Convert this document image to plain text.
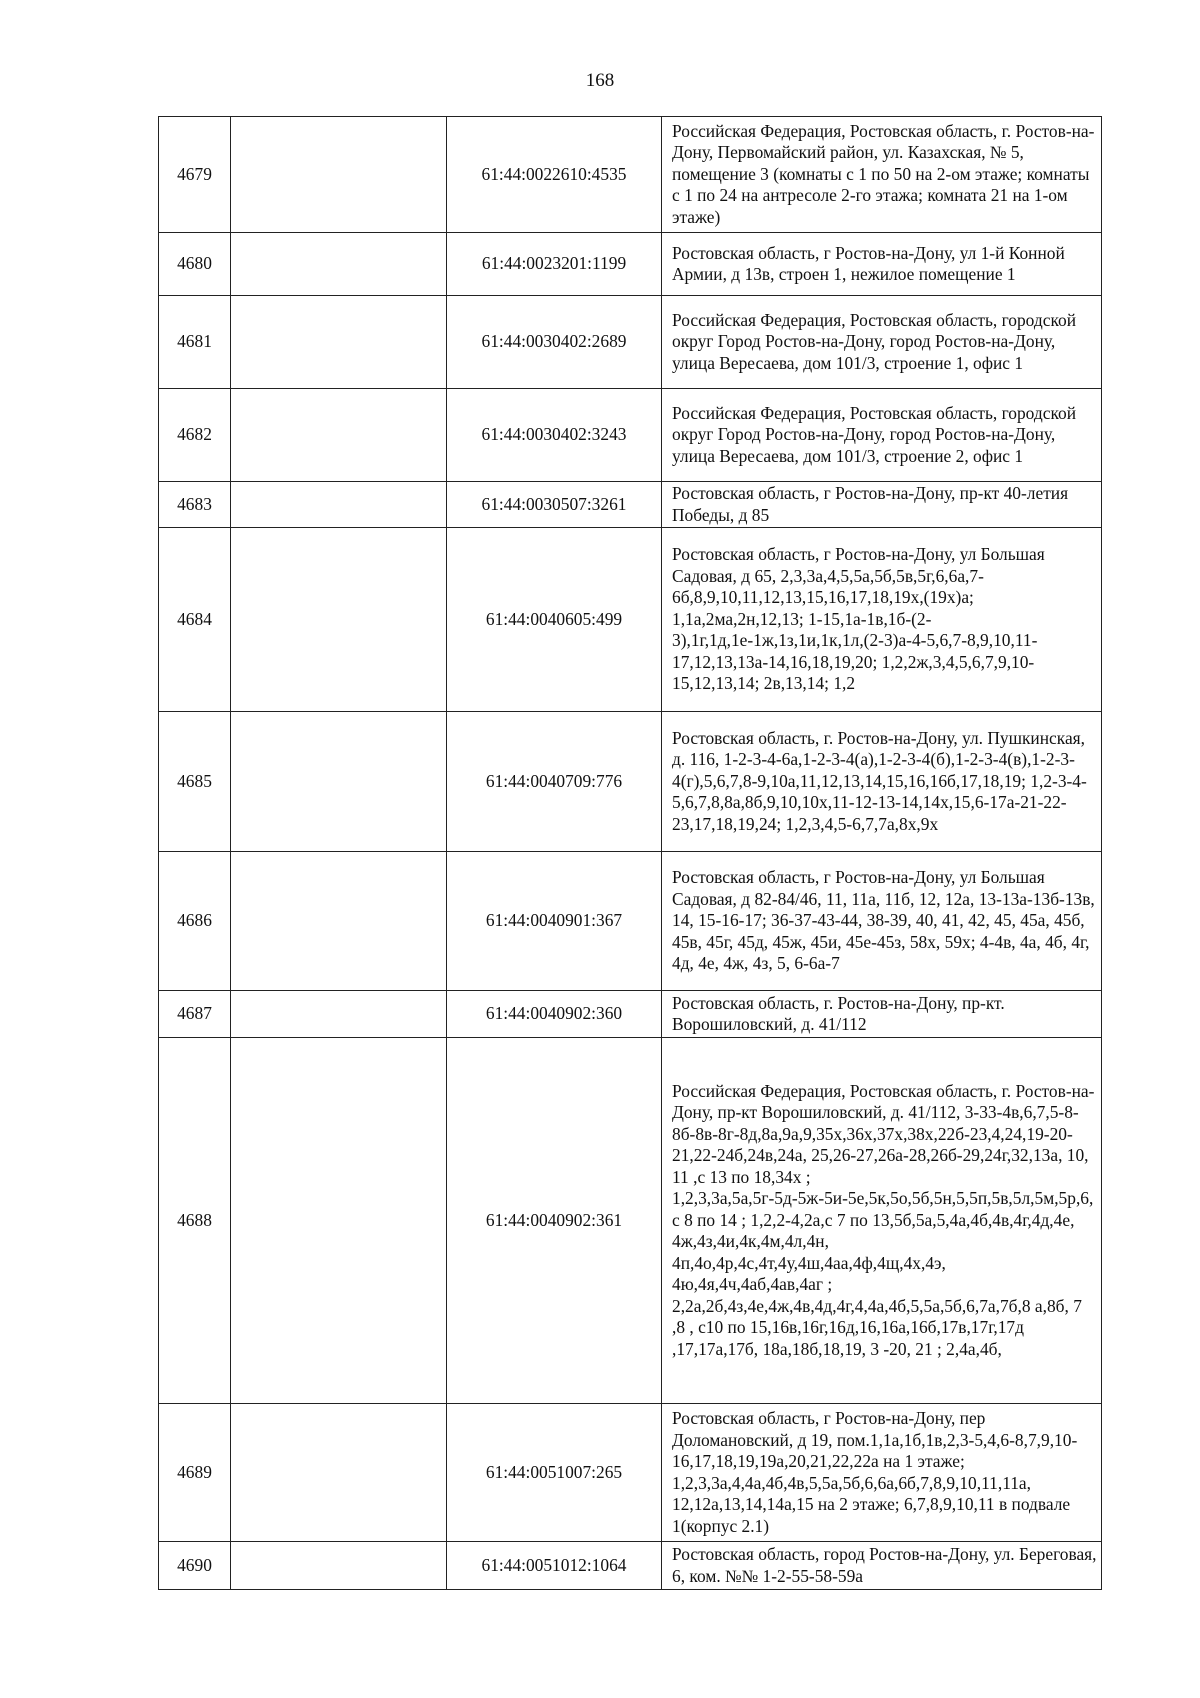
168
4679		61:44:0022610:4535	Российская Федерация, Ростовская область, г. Ростов-на-Дону, Первомайский район, ул. Казахская, № 5, помещение 3 (комнаты с 1 по 50 на 2-ом этаже; комнаты с 1 по 24 на антресоле 2-го этажа; комната 21 на 1-ом этаже)
4680		61:44:0023201:1199	Ростовская область, г Ростов-на-Дону, ул 1-й Конной Армии, д 13в, строен 1, нежилое помещение 1
4681		61:44:0030402:2689	Российская Федерация, Ростовская область, городской округ Город Ростов-на-Дону, город Ростов-на-Дону, улица Вересаева, дом 101/3, строение 1, офис 1
4682		61:44:0030402:3243	Российская Федерация, Ростовская область, городской округ Город Ростов-на-Дону, город Ростов-на-Дону, улица Вересаева, дом 101/3, строение 2, офис 1
4683		61:44:0030507:3261	Ростовская область, г Ростов-на-Дону, пр-кт 40-летия Победы, д 85
4684		61:44:0040605:499	Ростовская область, г Ростов-на-Дону, ул Большая Садовая, д 65, 2,3,3а,4,5,5а,5б,5в,5г,6,6а,7-6б,8,9,10,11,12,13,15,16,17,18,19х,(19х)а; 1,1а,2ма,2н,12,13; 1-15,1а-1в,1б-(2-3),1г,1д,1е-1ж,1з,1и,1к,1л,(2-3)а-4-5,6,7-8,9,10,11-17,12,13,13а-14,16,18,19,20; 1,2,2ж,3,4,5,6,7,9,10-15,12,13,14; 2в,13,14; 1,2
4685		61:44:0040709:776	Ростовская область, г. Ростов-на-Дону, ул. Пушкинская, д. 116, 1-2-3-4-6а,1-2-3-4(а),1-2-3-4(б),1-2-3-4(в),1-2-3-4(г),5,6,7,8-9,10а,11,12,13,14,15,16,16б,17,18,19; 1,2-3-4-5,6,7,8,8а,8б,9,10,10х,11-12-13-14,14х,15,6-17а-21-22-23,17,18,19,24; 1,2,3,4,5-6,7,7а,8х,9х
4686		61:44:0040901:367	Ростовская область, г Ростов-на-Дону, ул Большая Садовая, д 82-84/46, 11, 11а, 11б, 12, 12а, 13-13а-13б-13в, 14, 15-16-17; 36-37-43-44, 38-39, 40, 41, 42, 45, 45а, 45б, 45в, 45г, 45д, 45ж, 45и, 45е-45з, 58х, 59х; 4-4в, 4а, 4б, 4г, 4д, 4е, 4ж, 4з, 5, 6-6а-7
4687		61:44:0040902:360	Ростовская область, г. Ростов-на-Дону, пр-кт. Ворошиловский, д. 41/112
4688		61:44:0040902:361	Российская Федерация, Ростовская область, г. Ростов-на-Дону, пр-кт Ворошиловский, д. 41/112, 3-33-4в,6,7,5-8-8б-8в-8г-8д,8а,9а,9,35х,36х,37х,38х,22б-23,4,24,19-20-21,22-24б,24в,24а, 25,26-27,26а-28,26б-29,24г,32,13а, 10, 11 ,с 13 по 18,34х ; 1,2,3,3а,5а,5г-5д-5ж-5и-5е,5к,5о,5б,5н,5,5п,5в,5л,5м,5р,6,с 8 по 14 ; 1,2,2-4,2а,с 7 по 13,5б,5а,5,4а,4б,4в,4г,4д,4е, 4ж,4з,4и,4к,4м,4л,4н, 4п,4о,4р,4с,4т,4у,4ш,4аа,4ф,4щ,4х,4э, 4ю,4я,4ч,4аб,4ав,4аг ; 2,2а,2б,4з,4е,4ж,4в,4д,4г,4,4а,4б,5,5а,5б,6,7а,7б,8 а,8б, 7 ,8 , с10 по 15,16в,16г,16д,16,16а,16б,17в,17г,17д ,17,17а,17б, 18а,18б,18,19, 3 -20, 21 ; 2,4а,4б,
4689		61:44:0051007:265	Ростовская область, г Ростов-на-Дону, пер Доломановский, д 19, пом.1,1а,1б,1в,2,3-5,4,6-8,7,9,10-16,17,18,19,19а,20,21,22,22а на 1 этаже; 1,2,3,3а,4,4а,4б,4в,5,5а,5б,6,6а,6б,7,8,9,10,11,11а, 12,12а,13,14,14а,15 на 2 этаже; 6,7,8,9,10,11 в подвале 1(корпус 2.1)
4690		61:44:0051012:1064	Ростовская область, город Ростов-на-Дону, ул. Береговая, 6, ком. №№ 1-2-55-58-59а
